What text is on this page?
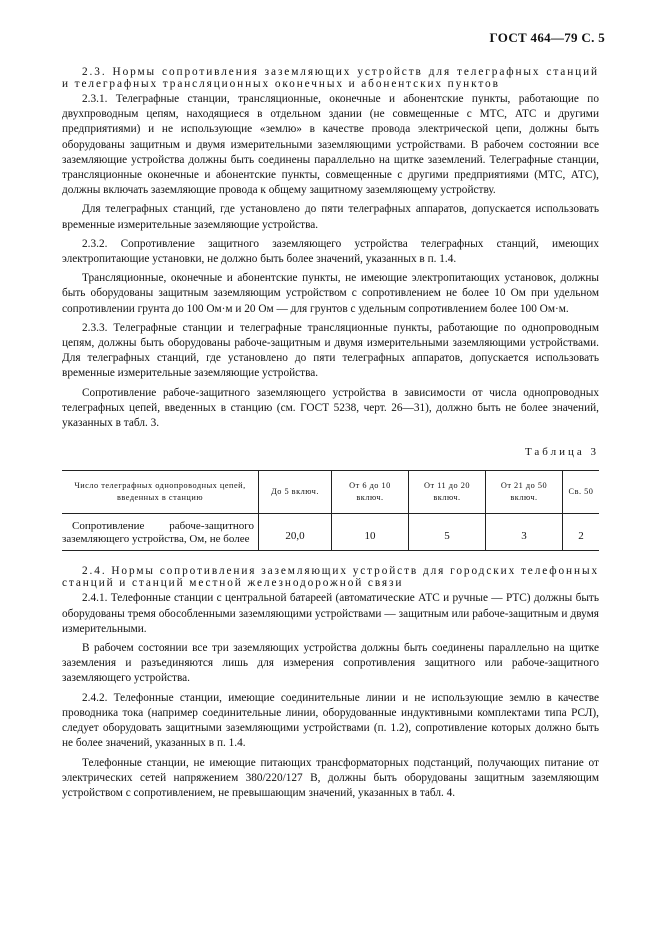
ГОСТ 464—79 С. 5

2.3. Нормы сопротивления заземляющих устройств для телеграфных станций и телеграфных трансляционных оконечных и абонентских пунктов

2.3.1. Телеграфные станции, трансляционные, оконечные и абонентские пункты, работающие по двухпроводным цепям, находящиеся в отдельном здании (не совмещенные с МТС, АТС и другими предприятиями) и не использующие «землю» в качестве провода электрической цепи, должны быть оборудованы защитным и двумя измерительными заземляющими устройствами. В рабочем состоянии все заземляющие устройства должны быть соединены параллельно на щитке заземлений. Телеграфные станции, трансляционные оконечные и абонентские пункты, совмещенные с другими предприятиями (МТС, АТС), должны включать заземляющие провода к общему защитному заземляющему устройству.

Для телеграфных станций, где установлено до пяти телеграфных аппаратов, допускается использовать временные измерительные заземляющие устройства.

2.3.2. Сопротивление защитного заземляющего устройства телеграфных станций, имеющих электропитающие установки, не должно быть более значений, указанных в п. 1.4.

Трансляционные, оконечные и абонентские пункты, не имеющие электропитающих установок, должны быть оборудованы защитным заземляющим устройством с сопротивлением не более 10 Ом при удельном сопротивлении грунта до 100 Ом·м и 20 Ом — для грунтов с удельным сопротивлением более 100 Ом·м.

2.3.3. Телеграфные станции и телеграфные трансляционные пункты, работающие по однопроводным цепям, должны быть оборудованы рабоче-защитным и двумя измерительными заземляющими устройствами. Для телеграфных станций, где установлено до пяти телеграфных аппаратов, допускается использовать временные измерительные заземляющие устройства.

Сопротивление рабоче-защитного заземляющего устройства в зависимости от числа однопроводных телеграфных цепей, введенных в станцию (см. ГОСТ 5238, черт. 26—31), должно быть не более значений, указанных в табл. 3.

Таблица 3
Число телеграфных однопроводных цепей, введенных в станцию	До 5 включ.	От 6 до 10 включ.	От 11 до 20 включ.	От 21 до 50 включ.	Св. 50
Сопротивление рабоче-защитного заземляющего устройства, Ом, не более	20,0	10	5	3	2

2.4. Нормы сопротивления заземляющих устройств для городских телефонных станций и станций местной железнодорожной связи

2.4.1. Телефонные станции с центральной батареей (автоматические АТС и ручные — РТС) должны быть оборудованы тремя обособленными заземляющими устройствами — защитным или рабоче-защитным и двумя измерительными.

В рабочем состоянии все три заземляющих устройства должны быть соединены параллельно на щитке заземления и разъединяются лишь для измерения сопротивления защитного или рабоче-защитного заземляющего устройства.

2.4.2. Телефонные станции, имеющие соединительные линии и не использующие землю в качестве проводника тока (например соединительные линии, оборудованные индуктивными комплектами типа РСЛ), следует оборудовать защитными заземляющими устройствами (п. 1.2), сопротивление которых должно быть не более значений, указанных в п. 1.4.

Телефонные станции, не имеющие питающих трансформаторных подстанций, получающих питание от электрических сетей напряжением 380/220/127 В, должны быть оборудованы защитным заземляющим устройством с сопротивлением, не превышающим значений, указанных в табл. 4.
